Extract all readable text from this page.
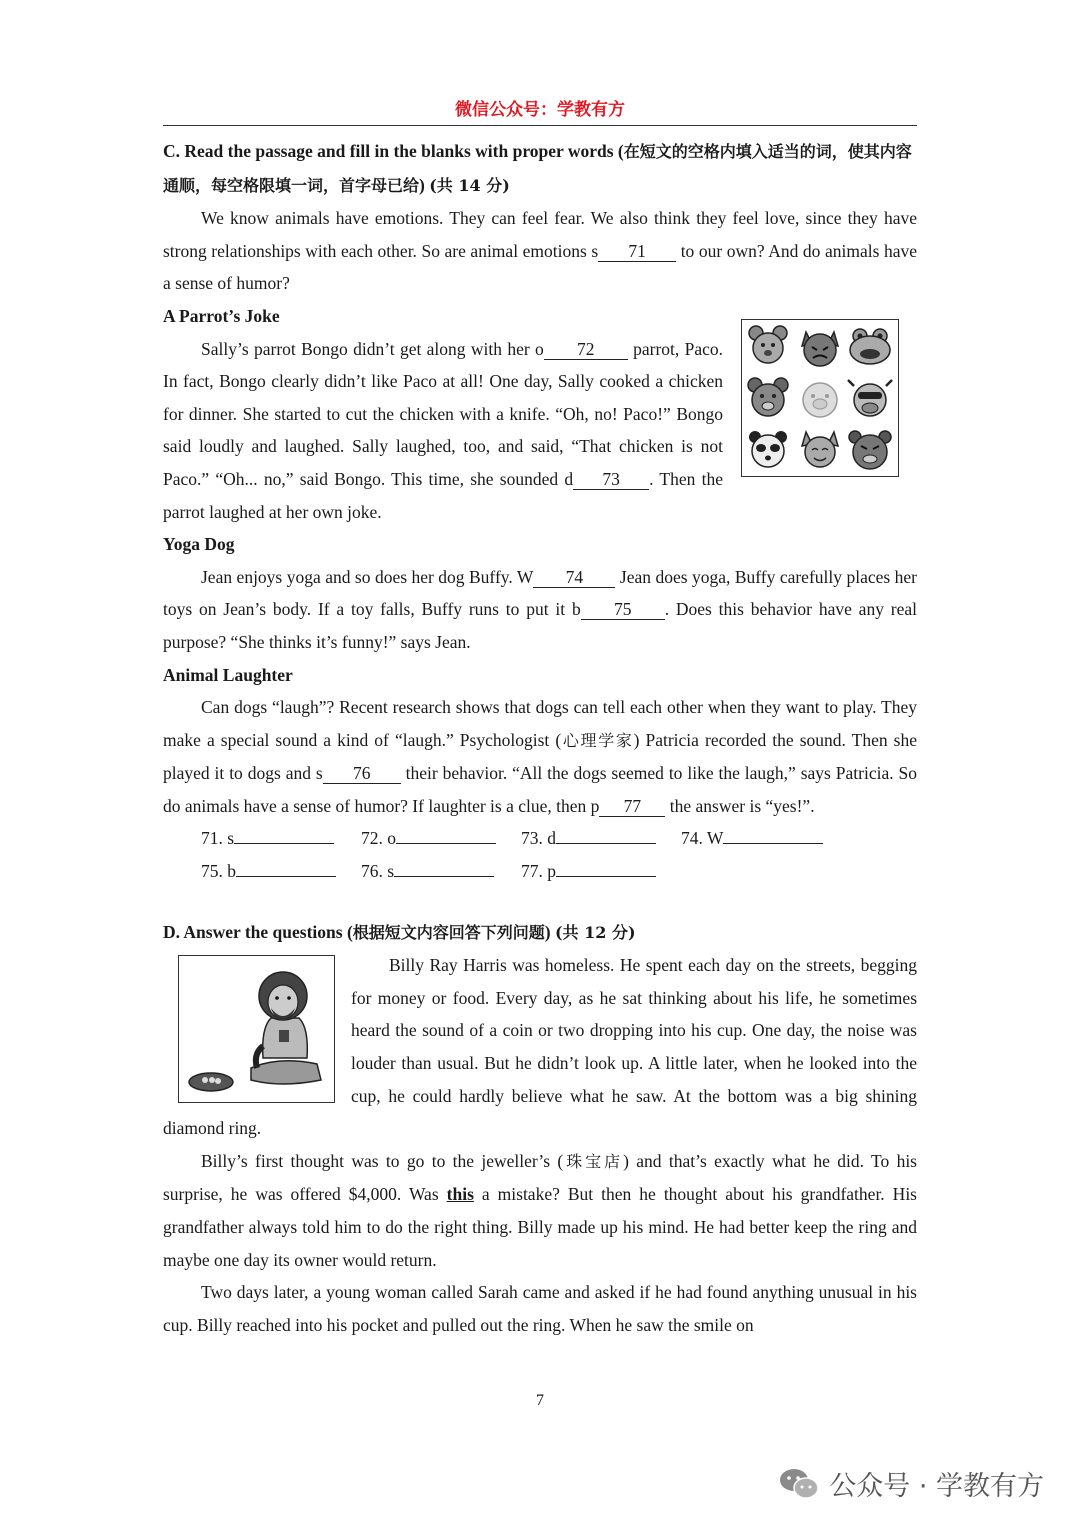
微信公众号：学教有方

C. Read the passage and fill in the blanks with proper words (在短文的空格内填入适当的词，使其内容通顺，每空格限填一词，首字母已给) (共 14 分)

We know animals have emotions. They can feel fear. We also think they feel love, since they have strong relationships with each other. So are animal emotions s 71 to our own? And do animals have a sense of humor?

A Parrot’s Joke

Sally’s parrot Bongo didn’t get along with her o 72 parrot, Paco. In fact, Bongo clearly didn’t like Paco at all! One day, Sally cooked a chicken for dinner. She started to cut the chicken with a knife. “Oh, no! Paco!” Bongo said loudly and laughed. Sally laughed, too, and said, “That chicken is not Paco.” “Oh... no,” said Bongo. This time, she sounded d 73 . Then the parrot laughed at her own joke.

Yoga Dog

Jean enjoys yoga and so does her dog Buffy. W 74 Jean does yoga, Buffy carefully places her toys on Jean’s body. If a toy falls, Buffy runs to put it b 75 . Does this behavior have any real purpose? “She thinks it’s funny!” says Jean.

Animal Laughter

Can dogs “laugh”? Recent research shows that dogs can tell each other when they want to play. They make a special sound a kind of “laugh.” Psychologist (心理学家) Patricia recorded the sound. Then she played it to dogs and s 76 their behavior. “All the dogs seemed to like the laugh,” says Patricia. So do animals have a sense of humor? If laughter is a clue, then p 77 the answer is “yes!”.

71. s	72. o	73. d	74. W
75. b	76. s	77. p

D. Answer the questions (根据短文内容回答下列问题) (共 12 分)

Billy Ray Harris was homeless. He spent each day on the streets, begging for money or food. Every day, as he sat thinking about his life, he sometimes heard the sound of a coin or two dropping into his cup. One day, the noise was louder than usual. But he didn’t look up. A little later, when he looked into the cup, he could hardly believe what he saw. At the bottom was a big shining diamond ring.

Billy’s first thought was to go to the jeweller’s (珠宝店) and that’s exactly what he did. To his surprise, he was offered $4,000. Was this a mistake? But then he thought about his grandfather. His grandfather always told him to do the right thing. Billy made up his mind. He had better keep the ring and maybe one day its owner would return.

Two days later, a young woman called Sarah came and asked if he had found anything unusual in his cup. Billy reached into his pocket and pulled out the ring. When he saw the smile on

7
公众号 · 学教有方
